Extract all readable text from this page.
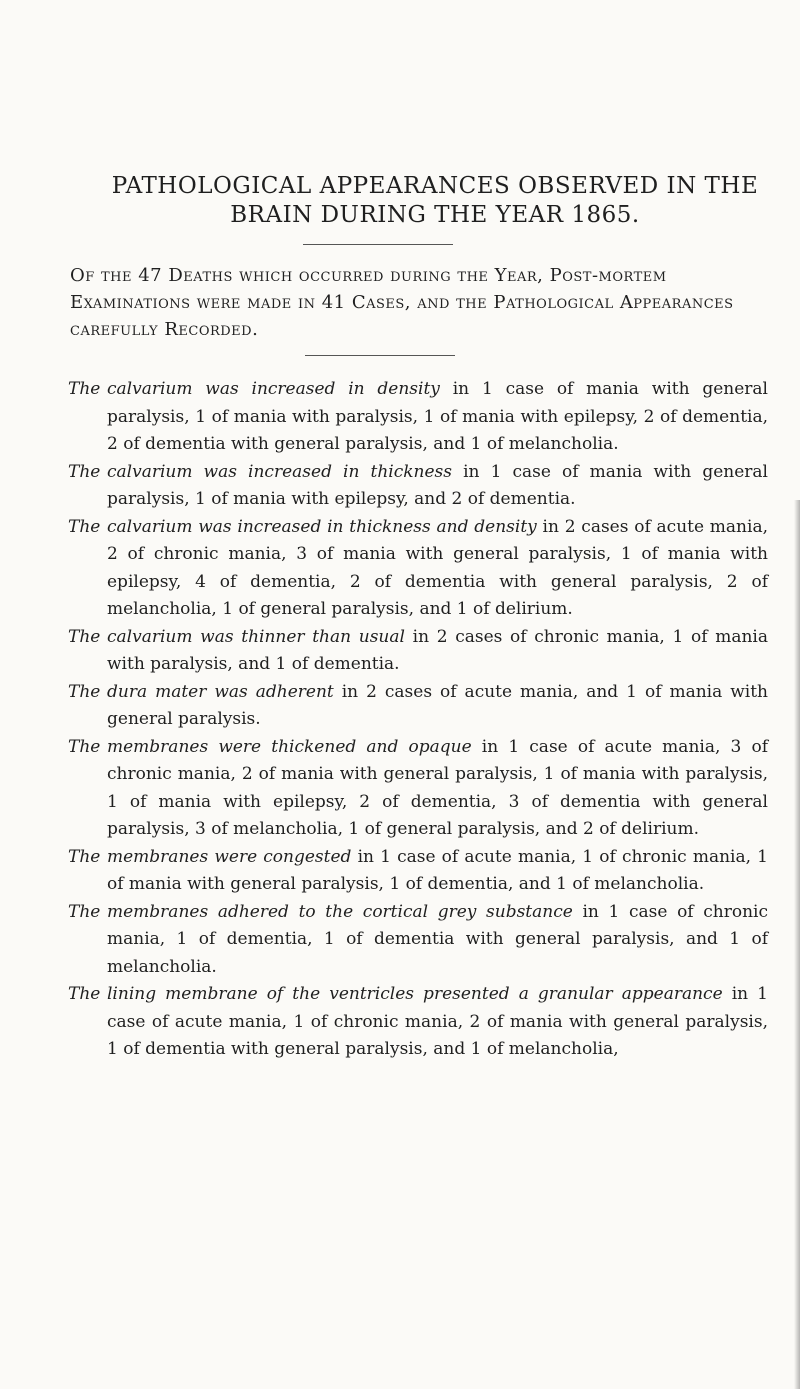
PATHOLOGICAL APPEARANCES OBSERVED IN THE
BRAIN DURING THE YEAR 1865.
Of the 47 Deaths which occurred during the Year, Post-mortem Examinations were made in 41 Cases, and the Pathological Appearances carefully Recorded.
The calvarium was increased in density in 1 case of mania with general paralysis, 1 of mania with paralysis, 1 of mania with epilepsy, 2 of dementia, 2 of dementia with general paralysis, and 1 of melancholia.
The calvarium was increased in thickness in 1 case of mania with general paralysis, 1 of mania with epilepsy, and 2 of dementia.
The calvarium was increased in thickness and density in 2 cases of acute mania, 2 of chronic mania, 3 of mania with general paralysis, 1 of mania with epilepsy, 4 of dementia, 2 of dementia with general paralysis, 2 of melancholia, 1 of general paralysis, and 1 of delirium.
The calvarium was thinner than usual in 2 cases of chronic mania, 1 of mania with paralysis, and 1 of dementia.
The dura mater was adherent in 2 cases of acute mania, and 1 of mania with general paralysis.
The membranes were thickened and opaque in 1 case of acute mania, 3 of chronic mania, 2 of mania with general paralysis, 1 of mania with paralysis, 1 of mania with epilepsy, 2 of dementia, 3 of dementia with general paralysis, 3 of melancholia, 1 of general paralysis, and 2 of delirium.
The membranes were congested in 1 case of acute mania, 1 of chronic mania, 1 of mania with general paralysis, 1 of dementia, and 1 of melancholia.
The membranes adhered to the cortical grey substance in 1 case of chronic mania, 1 of dementia, 1 of dementia with general paralysis, and 1 of melancholia.
The lining membrane of the ventricles presented a granular appearance in 1 case of acute mania, 1 of chronic mania, 2 of mania with general paralysis, 1 of dementia with general paralysis, and 1 of melancholia,
